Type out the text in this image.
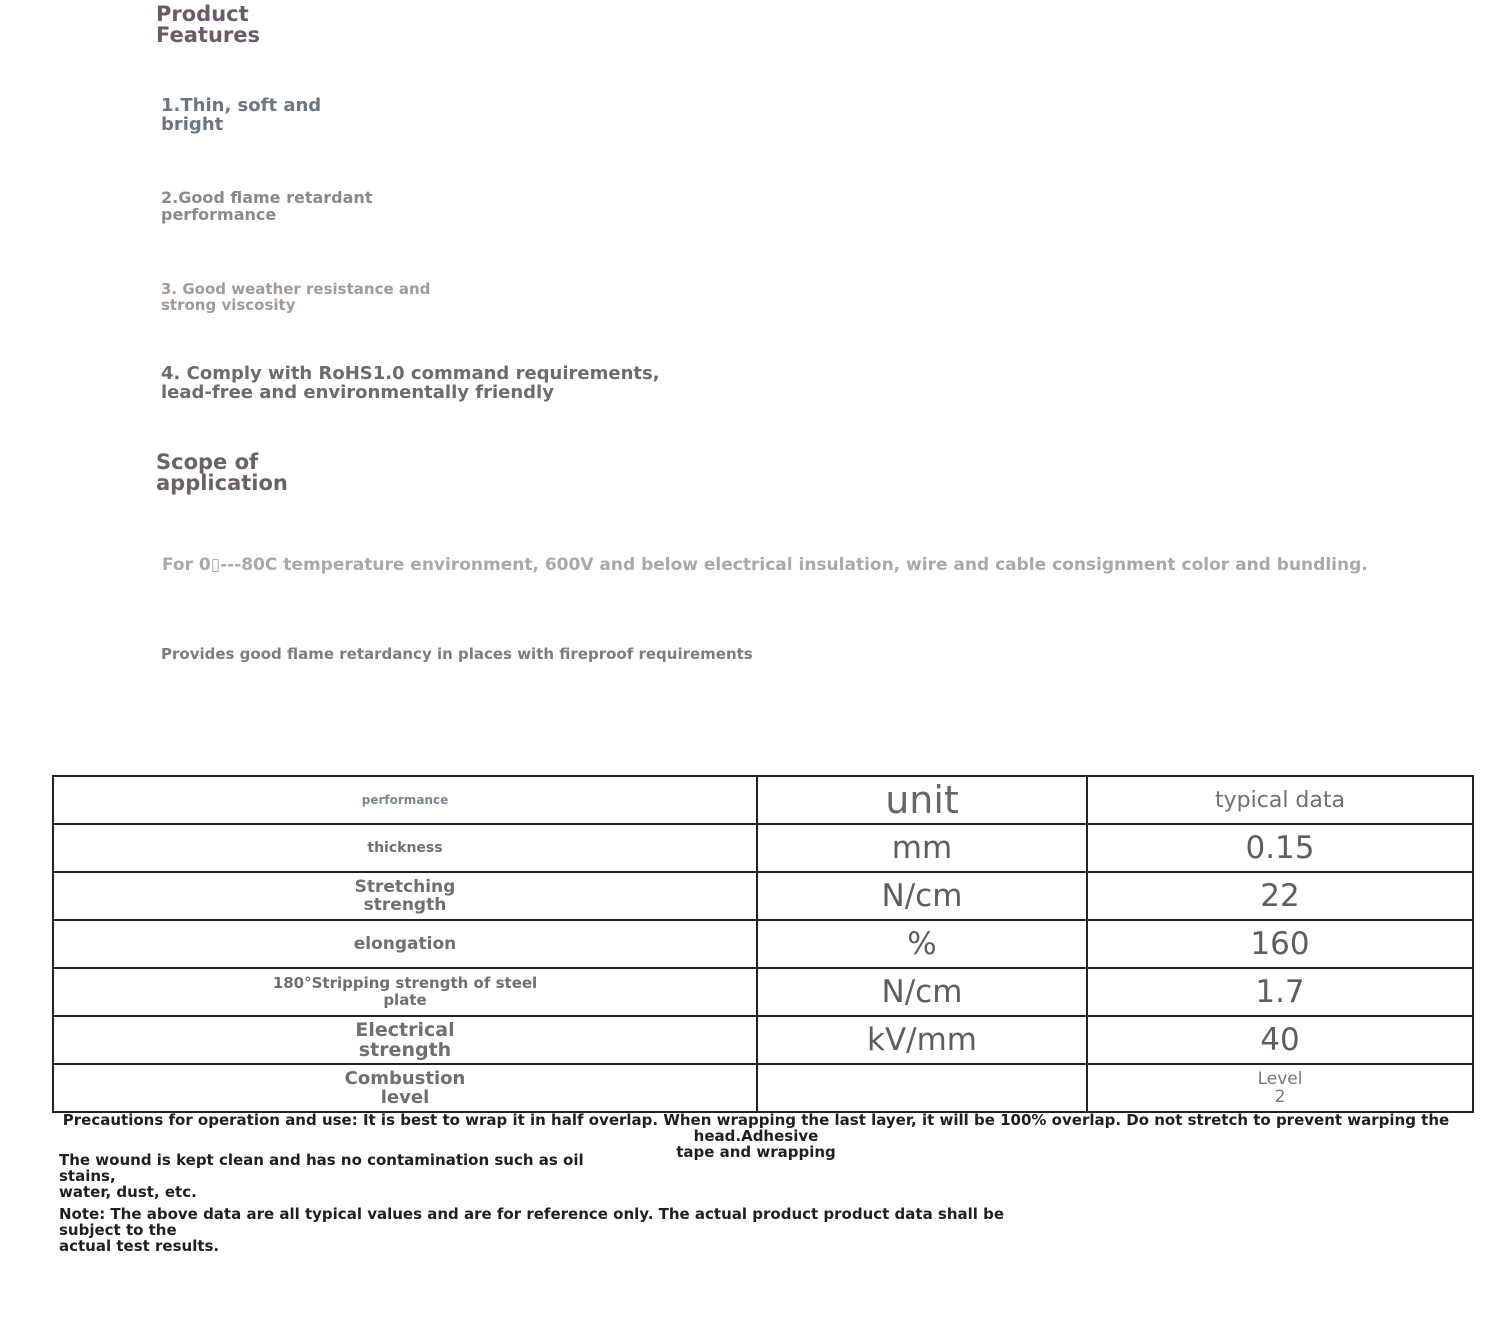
Product
Features

1.Thin, soft and
bright

2.Good flame retardant
performance

3. Good weather resistance and
strong viscosity

4. Comply with RoHS1.0 command requirements,
lead-free and environmentally friendly

Scope of
application

For 0▯---80C temperature environment, 600V and below electrical insulation, wire and cable consignment color and bundling.

Provides good flame retardancy in places with fireproof requirements

performance	unit	typical data
thickness	mm	0.15
Stretching
strength	N/cm	22
elongation	%	160
180°Stripping strength of steel
plate	N/cm	1.7
Electrical
strength	kV/mm	40
Combustion
level		Level
2

Precautions for operation and use: It is best to wrap it in half overlap. When wrapping the last layer, it will be 100% overlap. Do not stretch to prevent warping the head.Adhesive
tape and wrapping

The wound is kept clean and has no contamination such as oil stains,
water, dust, etc.

Note: The above data are all typical values and are for reference only. The actual product product data shall be subject to the
actual test results.
